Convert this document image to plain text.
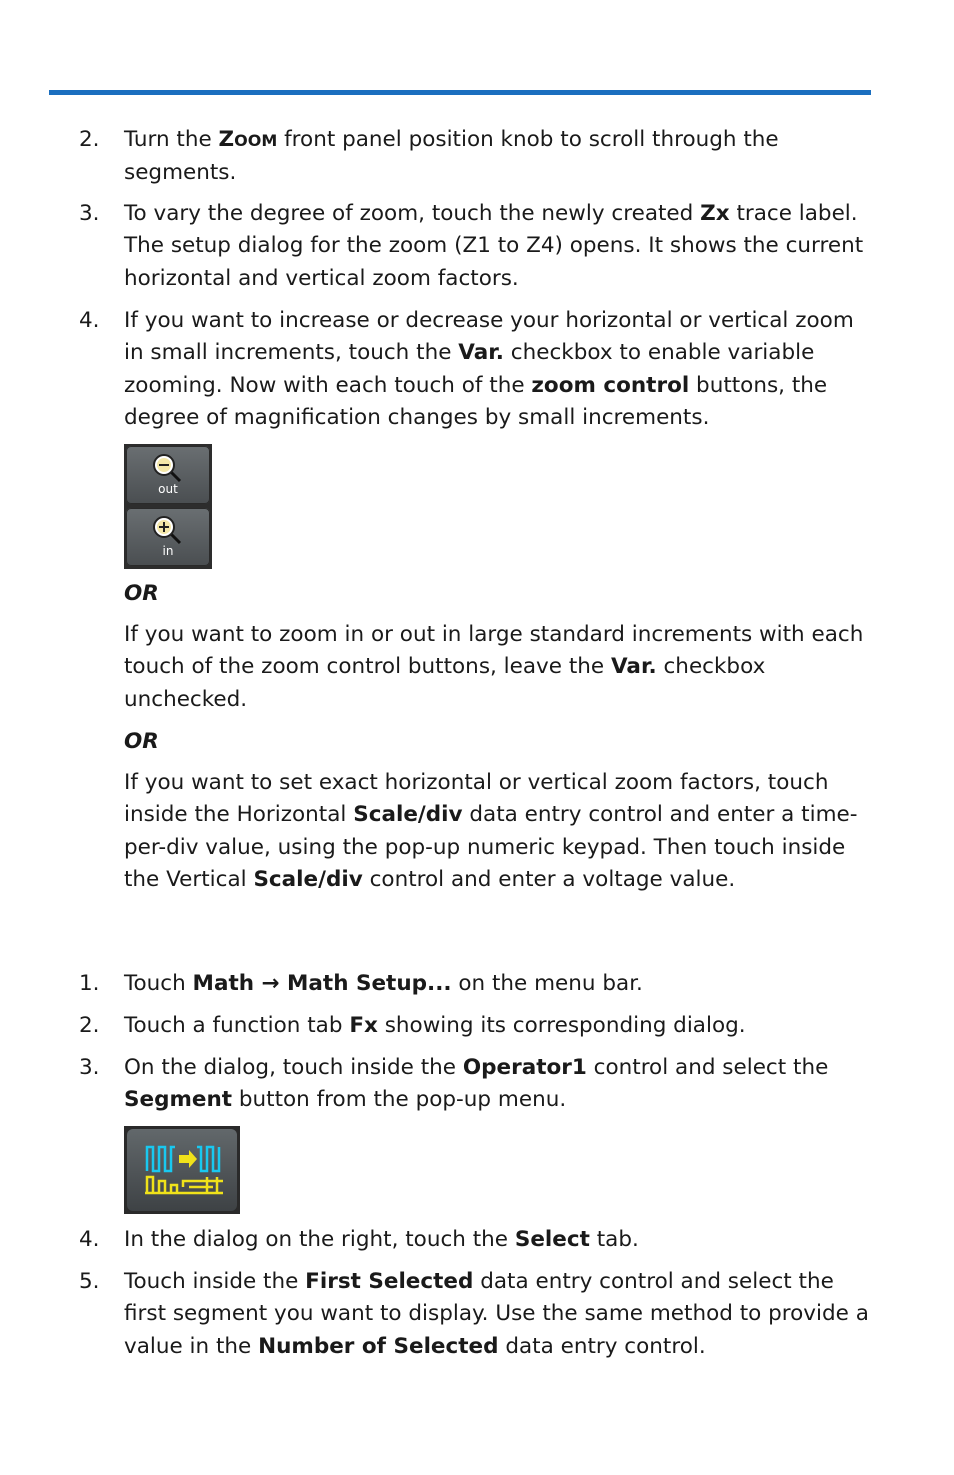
2. Turn the ZOOM front panel position knob to scroll through the segments.
3. To vary the degree of zoom, touch the newly created Zx trace label. The setup dialog for the zoom (Z1 to Z4) opens. It shows the current horizontal and vertical zoom factors.
4. If you want to increase or decrease your horizontal or vertical zoom in small increments, touch the Var. checkbox to enable variable zooming. Now with each touch of the zoom control buttons, the degree of magnification changes by small increments.
out
in
OR
If you want to zoom in or out in large standard increments with each touch of the zoom control buttons, leave the Var. checkbox unchecked.
OR
If you want to set exact horizontal or vertical zoom factors, touch inside the Horizontal Scale/div data entry control and enter a time-per-div value, using the pop-up numeric keypad. Then touch inside the Vertical Scale/div control and enter a voltage value.
1. Touch Math → Math Setup... on the menu bar.
2. Touch a function tab Fx showing its corresponding dialog.
3. On the dialog, touch inside the Operator1 control and select the Segment button from the pop-up menu.
4. In the dialog on the right, touch the Select tab.
5. Touch inside the First Selected data entry control and select the first segment you want to display. Use the same method to provide a value in the Number of Selected data entry control.
